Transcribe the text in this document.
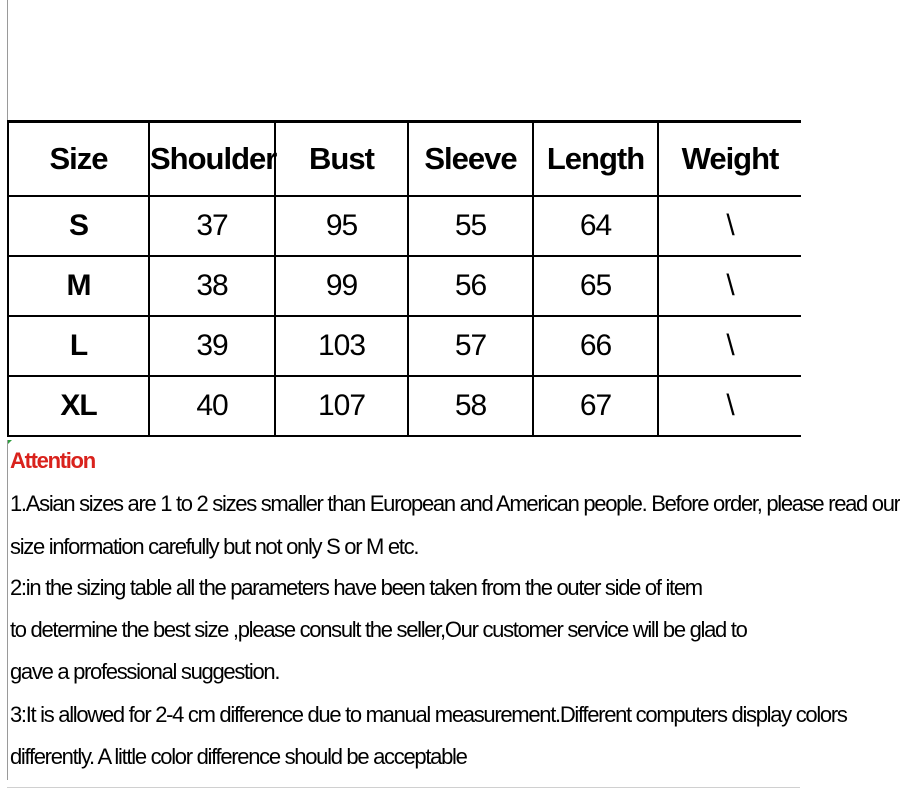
Size	Shoulder	Bust	Sleeve	Length	Weight
S	37	95	55	64	\
M	38	99	56	65	\
L	39	103	57	66	\
XL	40	107	58	67	\
Attention
1.Asian sizes are 1 to 2 sizes smaller than European and American people. Before order, please read our
size information carefully but not only S or M etc.
2:in the sizing table all the parameters have been taken from the outer side of item
to determine the best size ,please consult the seller,Our customer service will be glad to
gave a professional suggestion.
3:It is allowed for 2-4 cm difference due to manual measurement.Different computers display colors
differently. A little color difference should be acceptable
